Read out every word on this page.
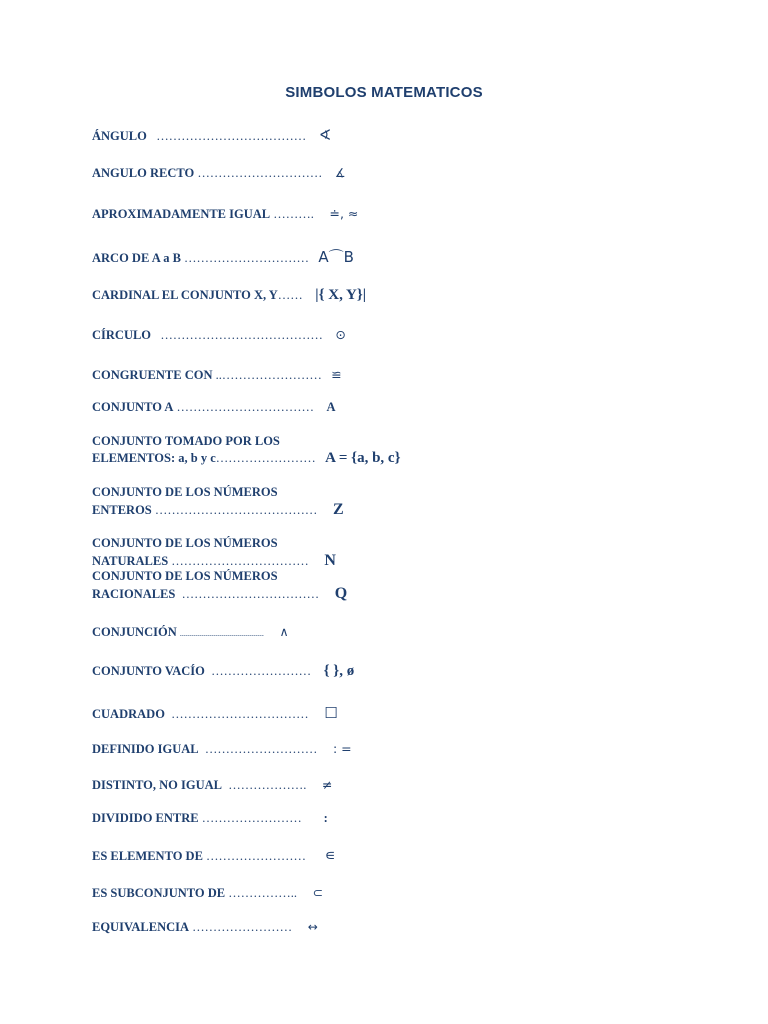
SIMBOLOS MATEMATICOS
ÁNGULO ……………………………… ∢
ANGULO RECTO ………………………… ∡
APROXIMADAMENTE IGUAL ………. ≐, ≈
ARCO DE A a B ………………………… A⌒B
CARDINAL EL CONJUNTO X, Y…… |{ X, Y}|
CÍRCULO ………………………………… ⊙
CONGRUENTE CON ..…………………… ≌
CONJUNTO A …………………………… A
CONJUNTO TOMADO POR LOS
ELEMENTOS: a, b y c…………………… A = {a, b, c}
CONJUNTO DE LOS NÚMEROS
ENTEROS ………………………………… Z
CONJUNTO DE LOS NÚMEROS
NATURALES …………………………… N
CONJUNTO DE LOS NÚMEROS
RACIONALES …………………………… Q
CONJUNCIÓN .......................................... ∧
CONJUNTO VACÍO …………………… { }, ø
CUADRADO …………………………… ☐
DEFINIDO IGUAL ……………………… : =
DISTINTO, NO IGUAL ………………. ≠
DIVIDIDO ENTRE …………………… :
ES ELEMENTO DE …………………… ∊
ES SUBCONJUNTO DE …………….. ⊂
EQUIVALENCIA …………………… ↔
